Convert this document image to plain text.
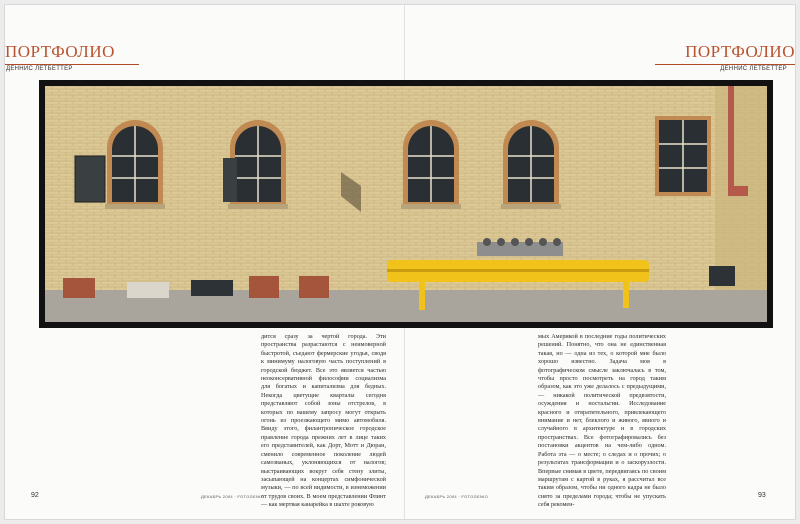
ПОРТФОЛИО
ДЕННИС ЛЕТБЕТТЕР
ПОРТФОЛИО
ДЕННИС ЛЕТБЕТТЕР

дится сразу за чертой города. Эти пространства разрастаются с неимоверной быстротой, съедают фермерские угодья, сводя к минимуму налоговую часть поступлений в городской бюджет. Все это является частью неоконсервативной философии социализма для богатых и капитализма для бедных. Некогда цветущие кварталы сегодня представляют собой зоны отстрелов, в которых по вашему запросу могут открыть огонь из проезжающего мимо автомобиля. Ввиду этого, филантропическое городское правление города прежних лет в лице таких его представителей, как Дорт, Мотт и Дюран, сменило современное поколение людей самозваных, уклоняющихся от налогов; выстраивающих вокруг себя стену элиты, засыпающей на концертах симфонической музыки, — по всей видимости, в изнеможении от трудов своих. В моем представлении Флинт — как мертвая канарейка в шахте роковую

мых Америкой в последние годы политических решений. Понятно, что она не единственная такая, но — одна из тех, о которой мне было хорошо известно. Задача моя в фотографическом смысле заключалась в том, чтобы просто посмотреть на город таким образом, как это уже делалось с предыдущими, — никакой политической предвзятости, осуждения и ностальгии. Исследование красного и отвратительного, привлекающего внимание и нет, блеклого и живого, явного и случайного в архитектуре и в городских пространствах. Все фотографировались без постановки акцентов на чем-либо одном. Работа эта — о месте; о следах и о прочих; о результатах трансформации и о заскорузлости. Впервые снимая в цвете, передвигаясь по своим маршрутам с картой в руках, я рассчитал все таким образом, чтобы ни одного кадра не было снято за пределами города; чтобы не упускать себя рекомен-

92	ДЕКАБРЬ 2004 · FOTOGENIO	ДЕКАБРЬ 2004 · FOTOGENIO	93
